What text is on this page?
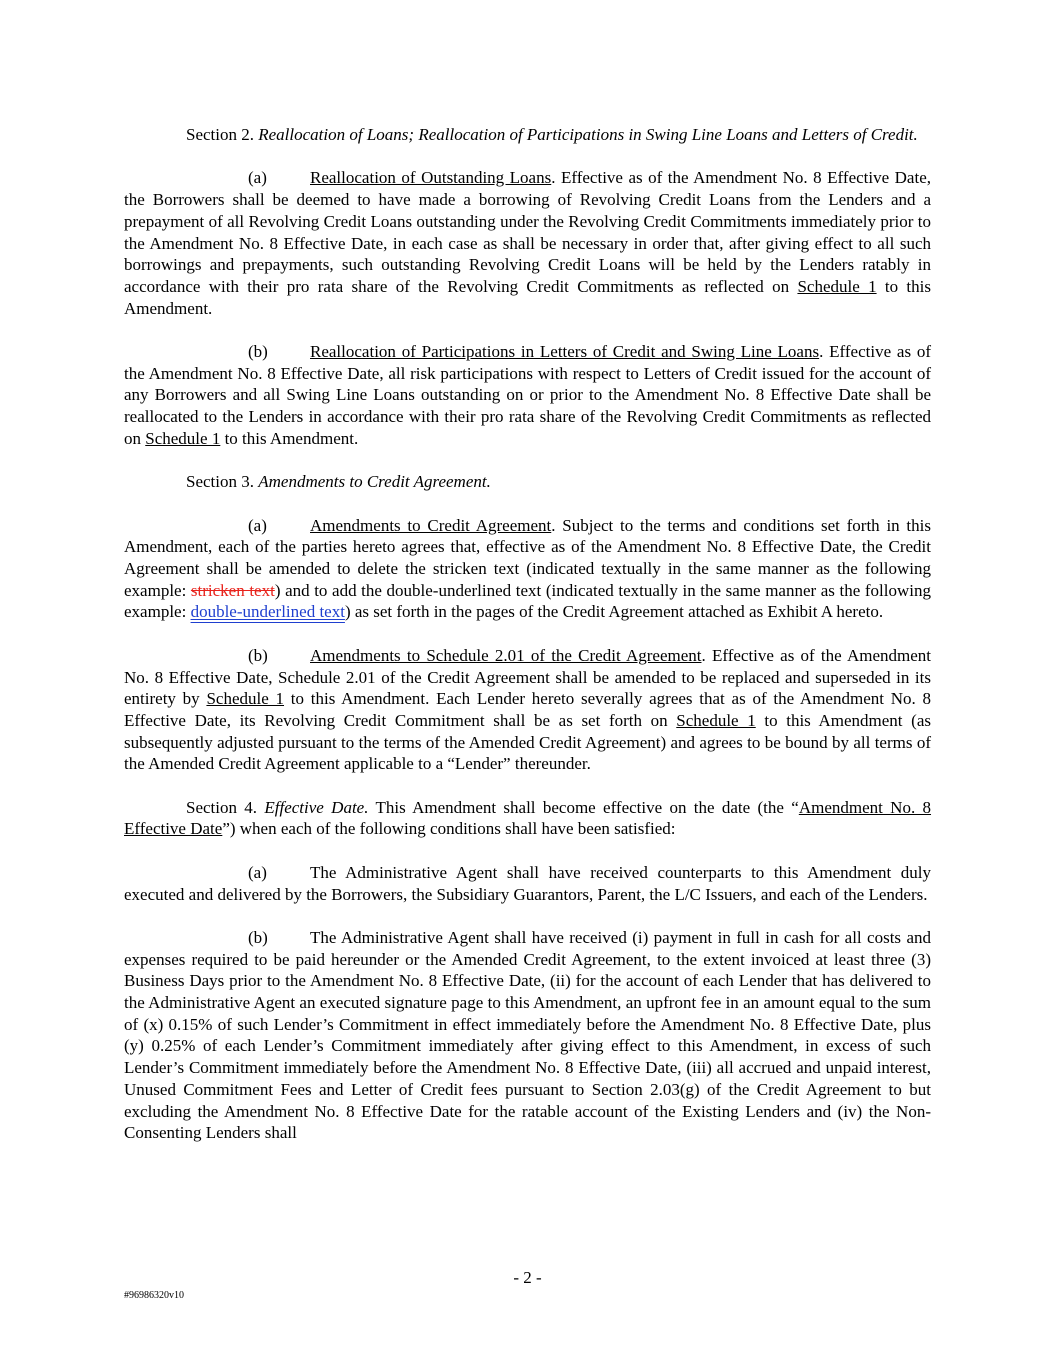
Section 2. Reallocation of Loans; Reallocation of Participations in Swing Line Loans and Letters of Credit.

(a)	Reallocation of Outstanding Loans. Effective as of the Amendment No. 8 Effective Date, the Borrowers shall be deemed to have made a borrowing of Revolving Credit Loans from the Lenders and a prepayment of all Revolving Credit Loans outstanding under the Revolving Credit Commitments immediately prior to the Amendment No. 8 Effective Date, in each case as shall be necessary in order that, after giving effect to all such borrowings and prepayments, such outstanding Revolving Credit Loans will be held by the Lenders ratably in accordance with their pro rata share of the Revolving Credit Commitments as reflected on Schedule 1 to this Amendment.

(b) Reallocation of Participations in Letters of Credit and Swing Line Loans. Effective as of the Amendment No. 8 Effective Date, all risk participations with respect to Letters of Credit issued for the account of any Borrowers and all Swing Line Loans outstanding on or prior to the Amendment No. 8 Effective Date shall be reallocated to the Lenders in accordance with their pro rata share of the Revolving Credit Commitments as reflected on Schedule 1 to this Amendment.

Section 3. Amendments to Credit Agreement.

(a)	Amendments to Credit Agreement. Subject to the terms and conditions set forth in this Amendment, each of the parties hereto agrees that, effective as of the Amendment No. 8 Effective Date, the Credit Agreement shall be amended to delete the stricken text (indicated textually in the same manner as the following example: stricken text) and to add the double-underlined text (indicated textually in the same manner as the following example: double-underlined text) as set forth in the pages of the Credit Agreement attached as Exhibit A hereto.

(b) Amendments to Schedule 2.01 of the Credit Agreement. Effective as of the Amendment No. 8 Effective Date, Schedule 2.01 of the Credit Agreement shall be amended to be replaced and superseded in its entirety by Schedule 1 to this Amendment. Each Lender hereto severally agrees that as of the Amendment No. 8 Effective Date, its Revolving Credit Commitment shall be as set forth on Schedule 1 to this Amendment (as subsequently adjusted pursuant to the terms of the Amended Credit Agreement) and agrees to be bound by all terms of the Amended Credit Agreement applicable to a “Lender” thereunder.

Section 4. Effective Date. This Amendment shall become effective on the date (the “Amendment No. 8 Effective Date”) when each of the following conditions shall have been satisfied:

(a)	The Administrative Agent shall have received counterparts to this Amendment duly executed and delivered by the Borrowers, the Subsidiary Guarantors, Parent, the L/C Issuers, and each of the Lenders.

(b) The Administrative Agent shall have received (i) payment in full in cash for all costs and expenses required to be paid hereunder or the Amended Credit Agreement, to the extent invoiced at least three (3) Business Days prior to the Amendment No. 8 Effective Date, (ii) for the account of each Lender that has delivered to the Administrative Agent an executed signature page to this Amendment, an upfront fee in an amount equal to the sum of (x) 0.15% of such Lender’s Commitment in effect immediately before the Amendment No. 8 Effective Date, plus (y) 0.25% of each Lender’s Commitment immediately after giving effect to this Amendment, in excess of such Lender’s Commitment immediately before the Amendment No. 8 Effective Date, (iii) all accrued and unpaid interest, Unused Commitment Fees and Letter of Credit fees pursuant to Section 2.03(g) of the Credit Agreement to but excluding the Amendment No. 8 Effective Date for the ratable account of the Existing Lenders and (iv) the Non-Consenting Lenders shall

- 2 -
#96986320v10
